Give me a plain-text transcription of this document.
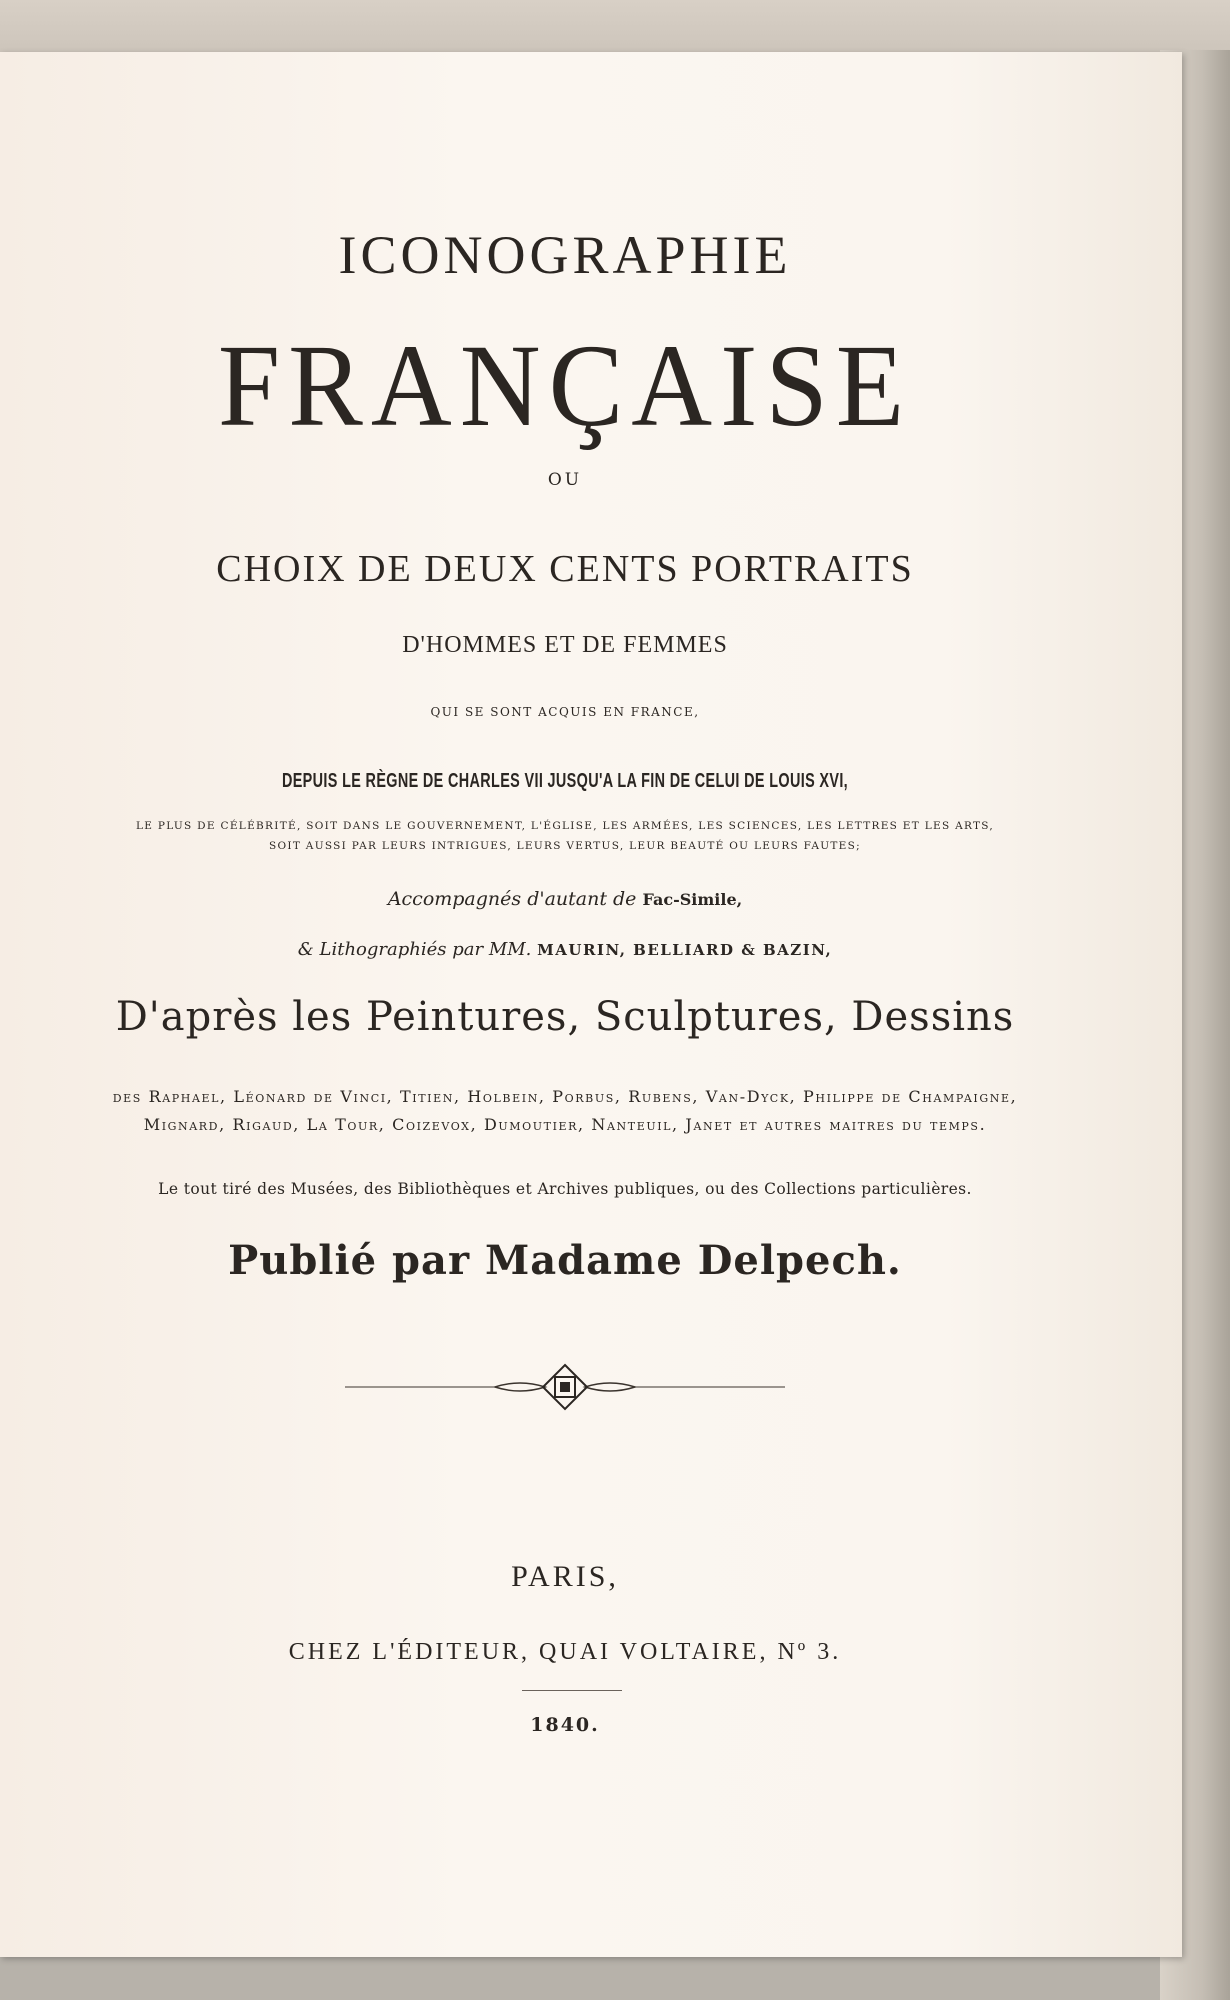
ICONOGRAPHIE
FRANÇAISE
OU
CHOIX DE DEUX CENTS PORTRAITS
D'HOMMES ET DE FEMMES
QUI SE SONT ACQUIS EN FRANCE,
DEPUIS LE RÈGNE DE CHARLES VII JUSQU'A LA FIN DE CELUI DE LOUIS XVI,
LE PLUS DE CÉLÉBRITÉ, SOIT DANS LE GOUVERNEMENT, L'ÉGLISE, LES ARMÉES, LES SCIENCES, LES LETTRES ET LES ARTS,
SOIT AUSSI PAR LEURS INTRIGUES, LEURS VERTUS, LEUR BEAUTÉ OU LEURS FAUTES;
Accompagnés d'autant de Fac-Simile,
& Lithographiés par MM. MAURIN, BELLIARD & BAZIN,
D'après les Peintures, Sculptures, Dessins
des Raphael, Léonard de Vinci, Titien, Holbein, Porbus, Rubens, Van-Dyck, Philippe de Champaigne,
Mignard, Rigaud, La Tour, Coizevox, Dumoutier, Nanteuil, Janet et autres maitres du temps.
Le tout tiré des Musées, des Bibliothèques et Archives publiques, ou des Collections particulières.
Publié par Madame Delpech.
PARIS,
CHEZ L'ÉDITEUR, QUAI VOLTAIRE, Nº 3.
1840.
